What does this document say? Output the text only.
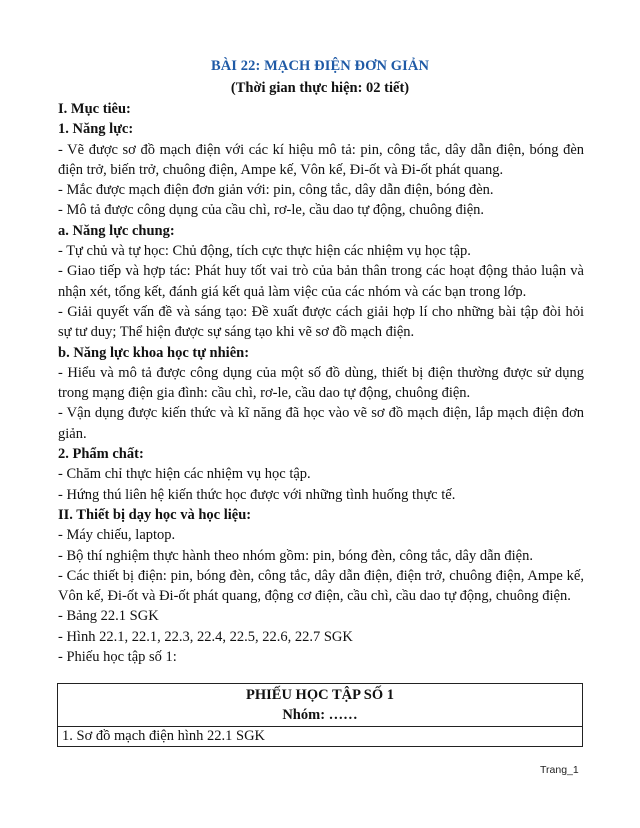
BÀI 22: MẠCH ĐIỆN ĐƠN GIẢN
(Thời gian thực hiện: 02 tiết)

I. Mục tiêu:

1. Năng lực:

- Vẽ được sơ đồ mạch điện với các kí hiệu mô tả: pin, công tắc, dây dẫn điện, bóng đèn điện trở, biến trở, chuông điện, Ampe kế, Vôn kế, Đi-ốt và Đi-ốt phát quang.

- Mắc được mạch điện đơn giản với: pin, công tắc, dây dẫn điện, bóng đèn.

- Mô tả được công dụng của cầu chì, rơ-le, cầu dao tự động, chuông điện.

a. Năng lực chung:

- Tự chủ và tự học: Chủ động, tích cực thực hiện các nhiệm vụ học tập.

- Giao tiếp và hợp tác: Phát huy tốt vai trò của bản thân trong các hoạt động thảo luận và nhận xét, tổng kết, đánh giá kết quả làm việc của các nhóm và các bạn trong lớp.

- Giải quyết vấn đề và sáng tạo: Đề xuất được cách giải hợp lí cho những bài tập đòi hỏi sự tư duy; Thể hiện được sự sáng tạo khi vẽ sơ đồ mạch điện.

b. Năng lực khoa học tự nhiên:

- Hiểu và mô tả được công dụng của một số đồ dùng, thiết bị điện thường được sử dụng trong mạng điện gia đình: cầu chì, rơ-le, cầu dao tự động, chuông điện.

- Vận dụng được kiến thức và kĩ năng đã học vào vẽ sơ đồ mạch điện, lắp mạch điện đơn giản.

2. Phẩm chất:

- Chăm chỉ thực hiện các nhiệm vụ học tập.

- Hứng thú liên hệ kiến thức học được với những tình huống thực tế.

II. Thiết bị dạy học và học liệu:

- Máy chiếu, laptop.

- Bộ thí nghiệm thực hành theo nhóm gồm: pin, bóng đèn, công tắc, dây dẫn điện.

- Các thiết bị điện: pin, bóng đèn, công tắc, dây dẫn điện, điện trở, chuông điện, Ampe kế, Vôn kế, Đi-ốt và Đi-ốt phát quang, động cơ điện, cầu chì, cầu dao tự động, chuông điện.

- Bảng 22.1 SGK

- Hình 22.1, 22.1, 22.3, 22.4, 22.5, 22.6, 22.7 SGK

- Phiếu học tập số 1:

PHIẾU HỌC TẬP SỐ 1
Nhóm: ……

1. Sơ đồ mạch điện hình 22.1 SGK
Trang_1
